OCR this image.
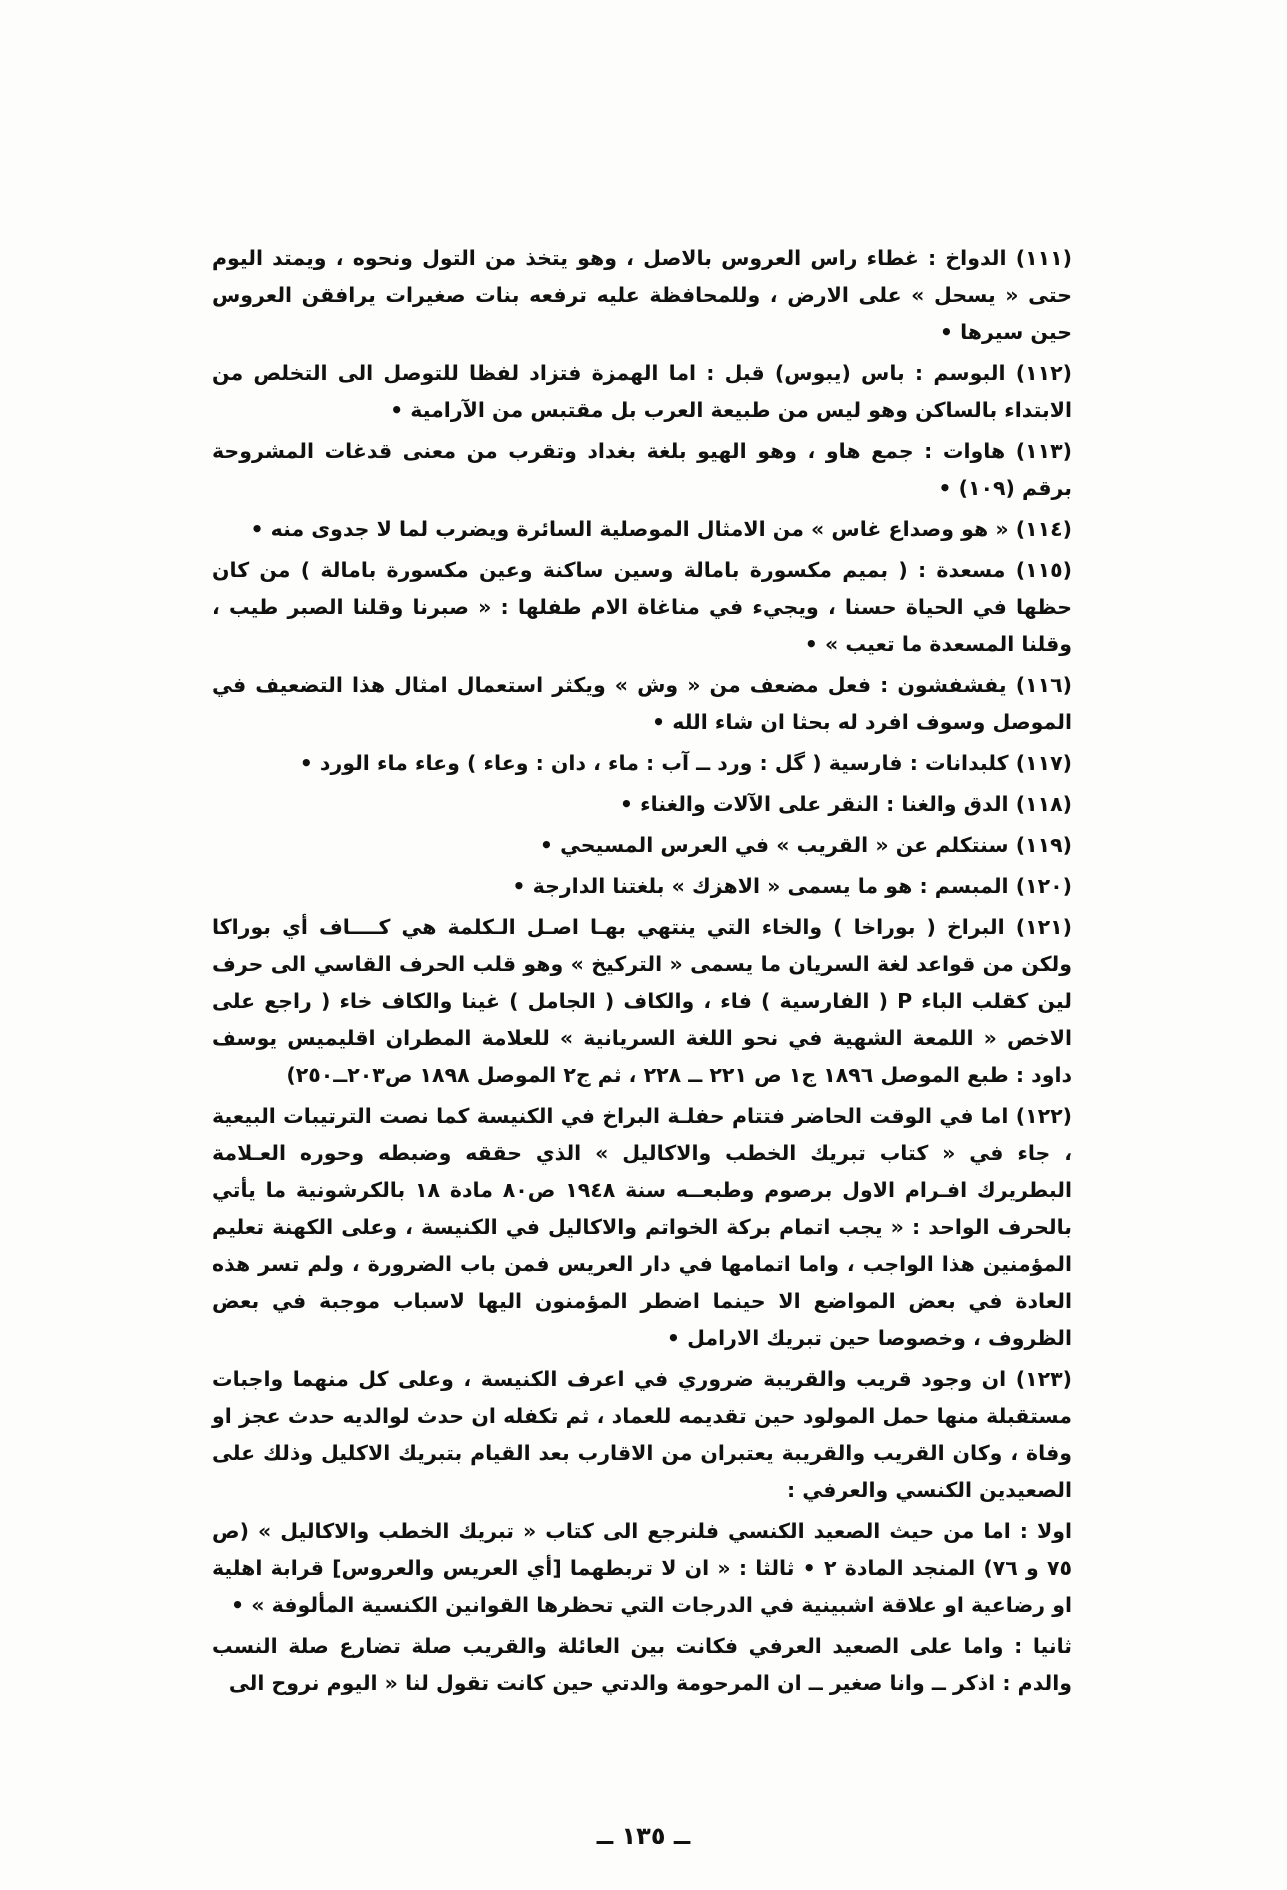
(١١١) الدواخ : غطاء راس العروس بالاصل ، وهو يتخذ من التول ونحوه ، ويمتد اليوم حتى « يسحل » على الارض ، وللمحافظة عليه ترفعه بنات صغيرات يرافقن العروس حين سيرها •

(١١٢) البوسم : باس (يبوس) قبل : اما الهمزة فتزاد لفظا للتوصل الى التخلص من الابتداء بالساكن وهو ليس من طبيعة العرب بل مقتبس من الآرامية •

(١١٣) هاوات : جمع هاو ، وهو الهيو بلغة بغداد وتقرب من معنى قدغات المشروحة برقم (١٠٩) •

(١١٤) « هو وصداع غاس » من الامثال الموصلية السائرة ويضرب لما لا جدوى منه •

(١١٥) مسعدة : ( بميم مكسورة بامالة وسين ساكنة وعين مكسورة بامالة ) من كان حظها في الحياة حسنا ، ويجيء في مناغاة الام طفلها : « صبرنا وقلنا الصبر طيب ، وقلنا المسعدة ما تعيب » •

(١١٦) يفشفشون : فعل مضعف من « وش » ويكثر استعمال امثال هذا التضعيف في الموصل وسوف افرد له بحثا ان شاء الله •

(١١٧) كلبدانات : فارسية ( گل : ورد ــ آب : ماء ، دان : وعاء ) وعاء ماء الورد •

(١١٨) الدق والغنا : النقر على الآلات والغناء •

(١١٩) سنتكلم عن « القريب » في العرس المسيحي •

(١٢٠) المبسم : هو ما يسمى « الاهزك » بلغتنا الدارجة •

(١٢١) البراخ ( بوراخا ) والخاء التي ينتهي بهـا اصـل الـكلمة هي كــــاف أي بوراكا ولكن من قواعد لغة السريان ما يسمى « التركيخ » وهو قلب الحرف القاسي الى حرف لين كقلب الباء P ( الفارسية ) فاء ، والكاف ( الجامل ) غينا والكاف خاء ( راجع على الاخص « اللمعة الشهية في نحو اللغة السريانية » للعلامة المطران اقليميس يوسف داود : طبع الموصل ١٨٩٦ ج١ ص ٢٢١ ــ ٢٢٨ ، ثم ج٢ الموصل ١٨٩٨ ص٢٠٣ــ٢٥٠)

(١٢٢) اما في الوقت الحاضر فتتام حفلـة البراخ في الكنيسة كما نصت الترتيبات البيعية ، جاء في « كتاب تبريك الخطب والاكاليل » الذي حققه وضبطه وحوره العـلامة البطريرك افـرام الاول برصوم وطبعــه سنة ١٩٤٨ ص٨٠ مادة ١٨ بالكرشونية ما يأتي بالحرف الواحد : « يجب اتمام بركة الخواتم والاكاليل في الكنيسة ، وعلى الكهنة تعليم المؤمنين هذا الواجب ، واما اتمامها في دار العريس فمن باب الضرورة ، ولم تسر هذه العادة في بعض المواضع الا حينما اضطر المؤمنون اليها لاسباب موجبة في بعض الظروف ، وخصوصا حين تبريك الارامل •

(١٢٣) ان وجود قريب والقريبة ضروري في اعرف الكنيسة ، وعلى كل منهما واجبات مستقبلة منها حمل المولود حين تقديمه للعماد ، ثم تكفله ان حدث لوالديه حدث عجز او وفاة ، وكان القريب والقريبة يعتبران من الاقارب بعد القيام بتبريك الاكليل وذلك على الصعيدين الكنسي والعرفي :

اولا : اما من حيث الصعيد الكنسي فلنرجع الى كتاب « تبريك الخطب والاكاليل » (ص ٧٥ و ٧٦) المنجد المادة ٢ • ثالثا : « ان لا تربطهما [أي العريس والعروس] قرابة اهلية او رضاعية او علاقة اشبينية في الدرجات التي تحظرها القوانين الكنسية المألوفة » •

ثانيا : واما على الصعيد العرفي فكانت بين العائلة والقريب صلة تضارع صلة النسب والدم : اذكر ــ وانا صغير ــ ان المرحومة والدتي حين كانت تقول لنا « اليوم نروح الى

ــ ١٣٥ ــ
